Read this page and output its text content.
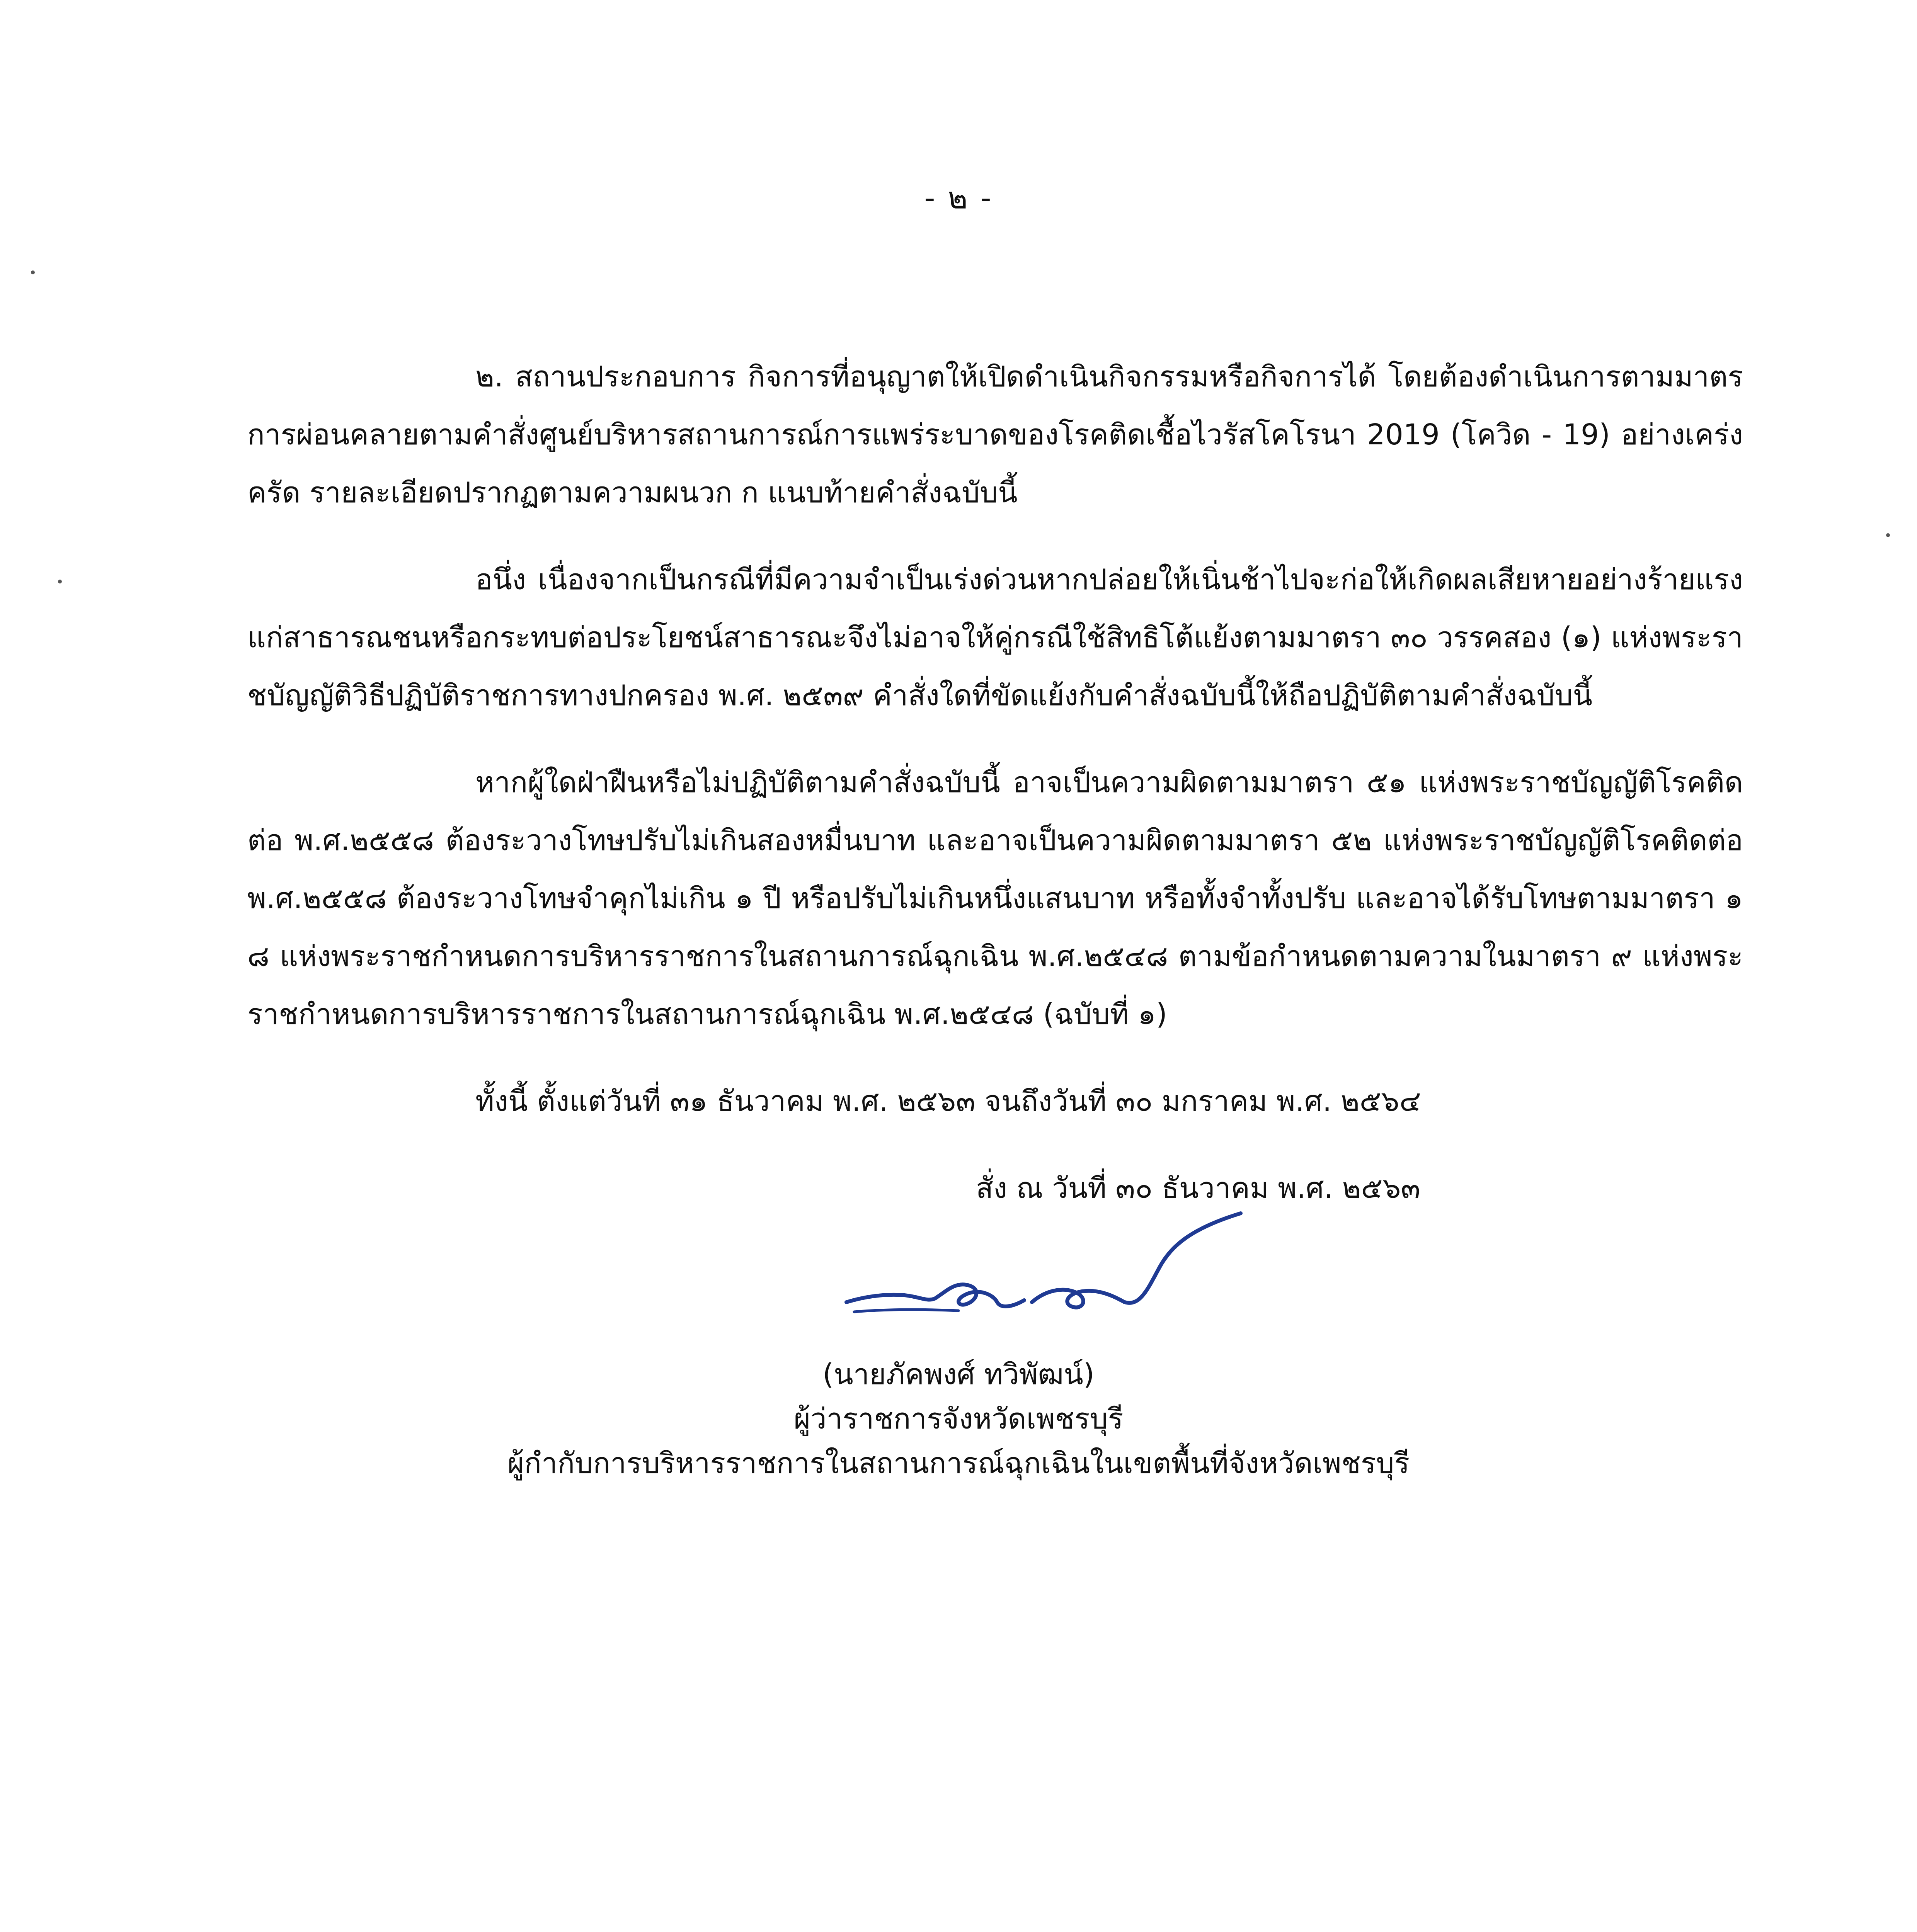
- ๒ -

๒. สถานประกอบการ กิจการที่อนุญาตให้เปิดดำเนินกิจกรรมหรือกิจการได้ โดยต้องดำเนินการตามมาตรการผ่อนคลายตามคำสั่งศูนย์บริหารสถานการณ์การแพร่ระบาดของโรคติดเชื้อไวรัสโคโรนา 2019 (โควิด - 19) อย่างเคร่งครัด รายละเอียดปรากฏตามความผนวก ก แนบท้ายคำสั่งฉบับนี้

อนึ่ง เนื่องจากเป็นกรณีที่มีความจำเป็นเร่งด่วนหากปล่อยให้เนิ่นช้าไปจะก่อให้เกิดผลเสียหายอย่างร้ายแรงแก่สาธารณชนหรือกระทบต่อประโยชน์สาธารณะจึงไม่อาจให้คู่กรณีใช้สิทธิโต้แย้งตามมาตรา ๓๐ วรรคสอง (๑) แห่งพระราชบัญญัติวิธีปฏิบัติราชการทางปกครอง พ.ศ. ๒๕๓๙ คำสั่งใดที่ขัดแย้งกับคำสั่งฉบับนี้ให้ถือปฏิบัติตามคำสั่งฉบับนี้

หากผู้ใดฝ่าฝืนหรือไม่ปฏิบัติตามคำสั่งฉบับนี้ อาจเป็นความผิดตามมาตรา ๕๑ แห่งพระราชบัญญัติโรคติดต่อ พ.ศ.๒๕๕๘ ต้องระวางโทษปรับไม่เกินสองหมื่นบาท และอาจเป็นความผิดตามมาตรา ๕๒ แห่งพระราชบัญญัติโรคติดต่อ พ.ศ.๒๕๕๘ ต้องระวางโทษจำคุกไม่เกิน ๑ ปี หรือปรับไม่เกินหนึ่งแสนบาท หรือทั้งจำทั้งปรับ และอาจได้รับโทษตามมาตรา ๑๘ แห่งพระราชกำหนดการบริหารราชการในสถานการณ์ฉุกเฉิน พ.ศ.๒๕๔๘ ตามข้อกำหนดตามความในมาตรา ๙ แห่งพระราชกำหนดการบริหารราชการในสถานการณ์ฉุกเฉิน พ.ศ.๒๕๔๘ (ฉบับที่ ๑)

ทั้งนี้ ตั้งแต่วันที่ ๓๑ ธันวาคม พ.ศ. ๒๕๖๓ จนถึงวันที่ ๓๐ มกราคม พ.ศ. ๒๕๖๔

สั่ง ณ วันที่ ๓๐ ธันวาคม พ.ศ. ๒๕๖๓
(นายภัคพงศ์ ทวิพัฒน์)
ผู้ว่าราชการจังหวัดเพชรบุรี
ผู้กำกับการบริหารราชการในสถานการณ์ฉุกเฉินในเขตพื้นที่จังหวัดเพชรบุรี
